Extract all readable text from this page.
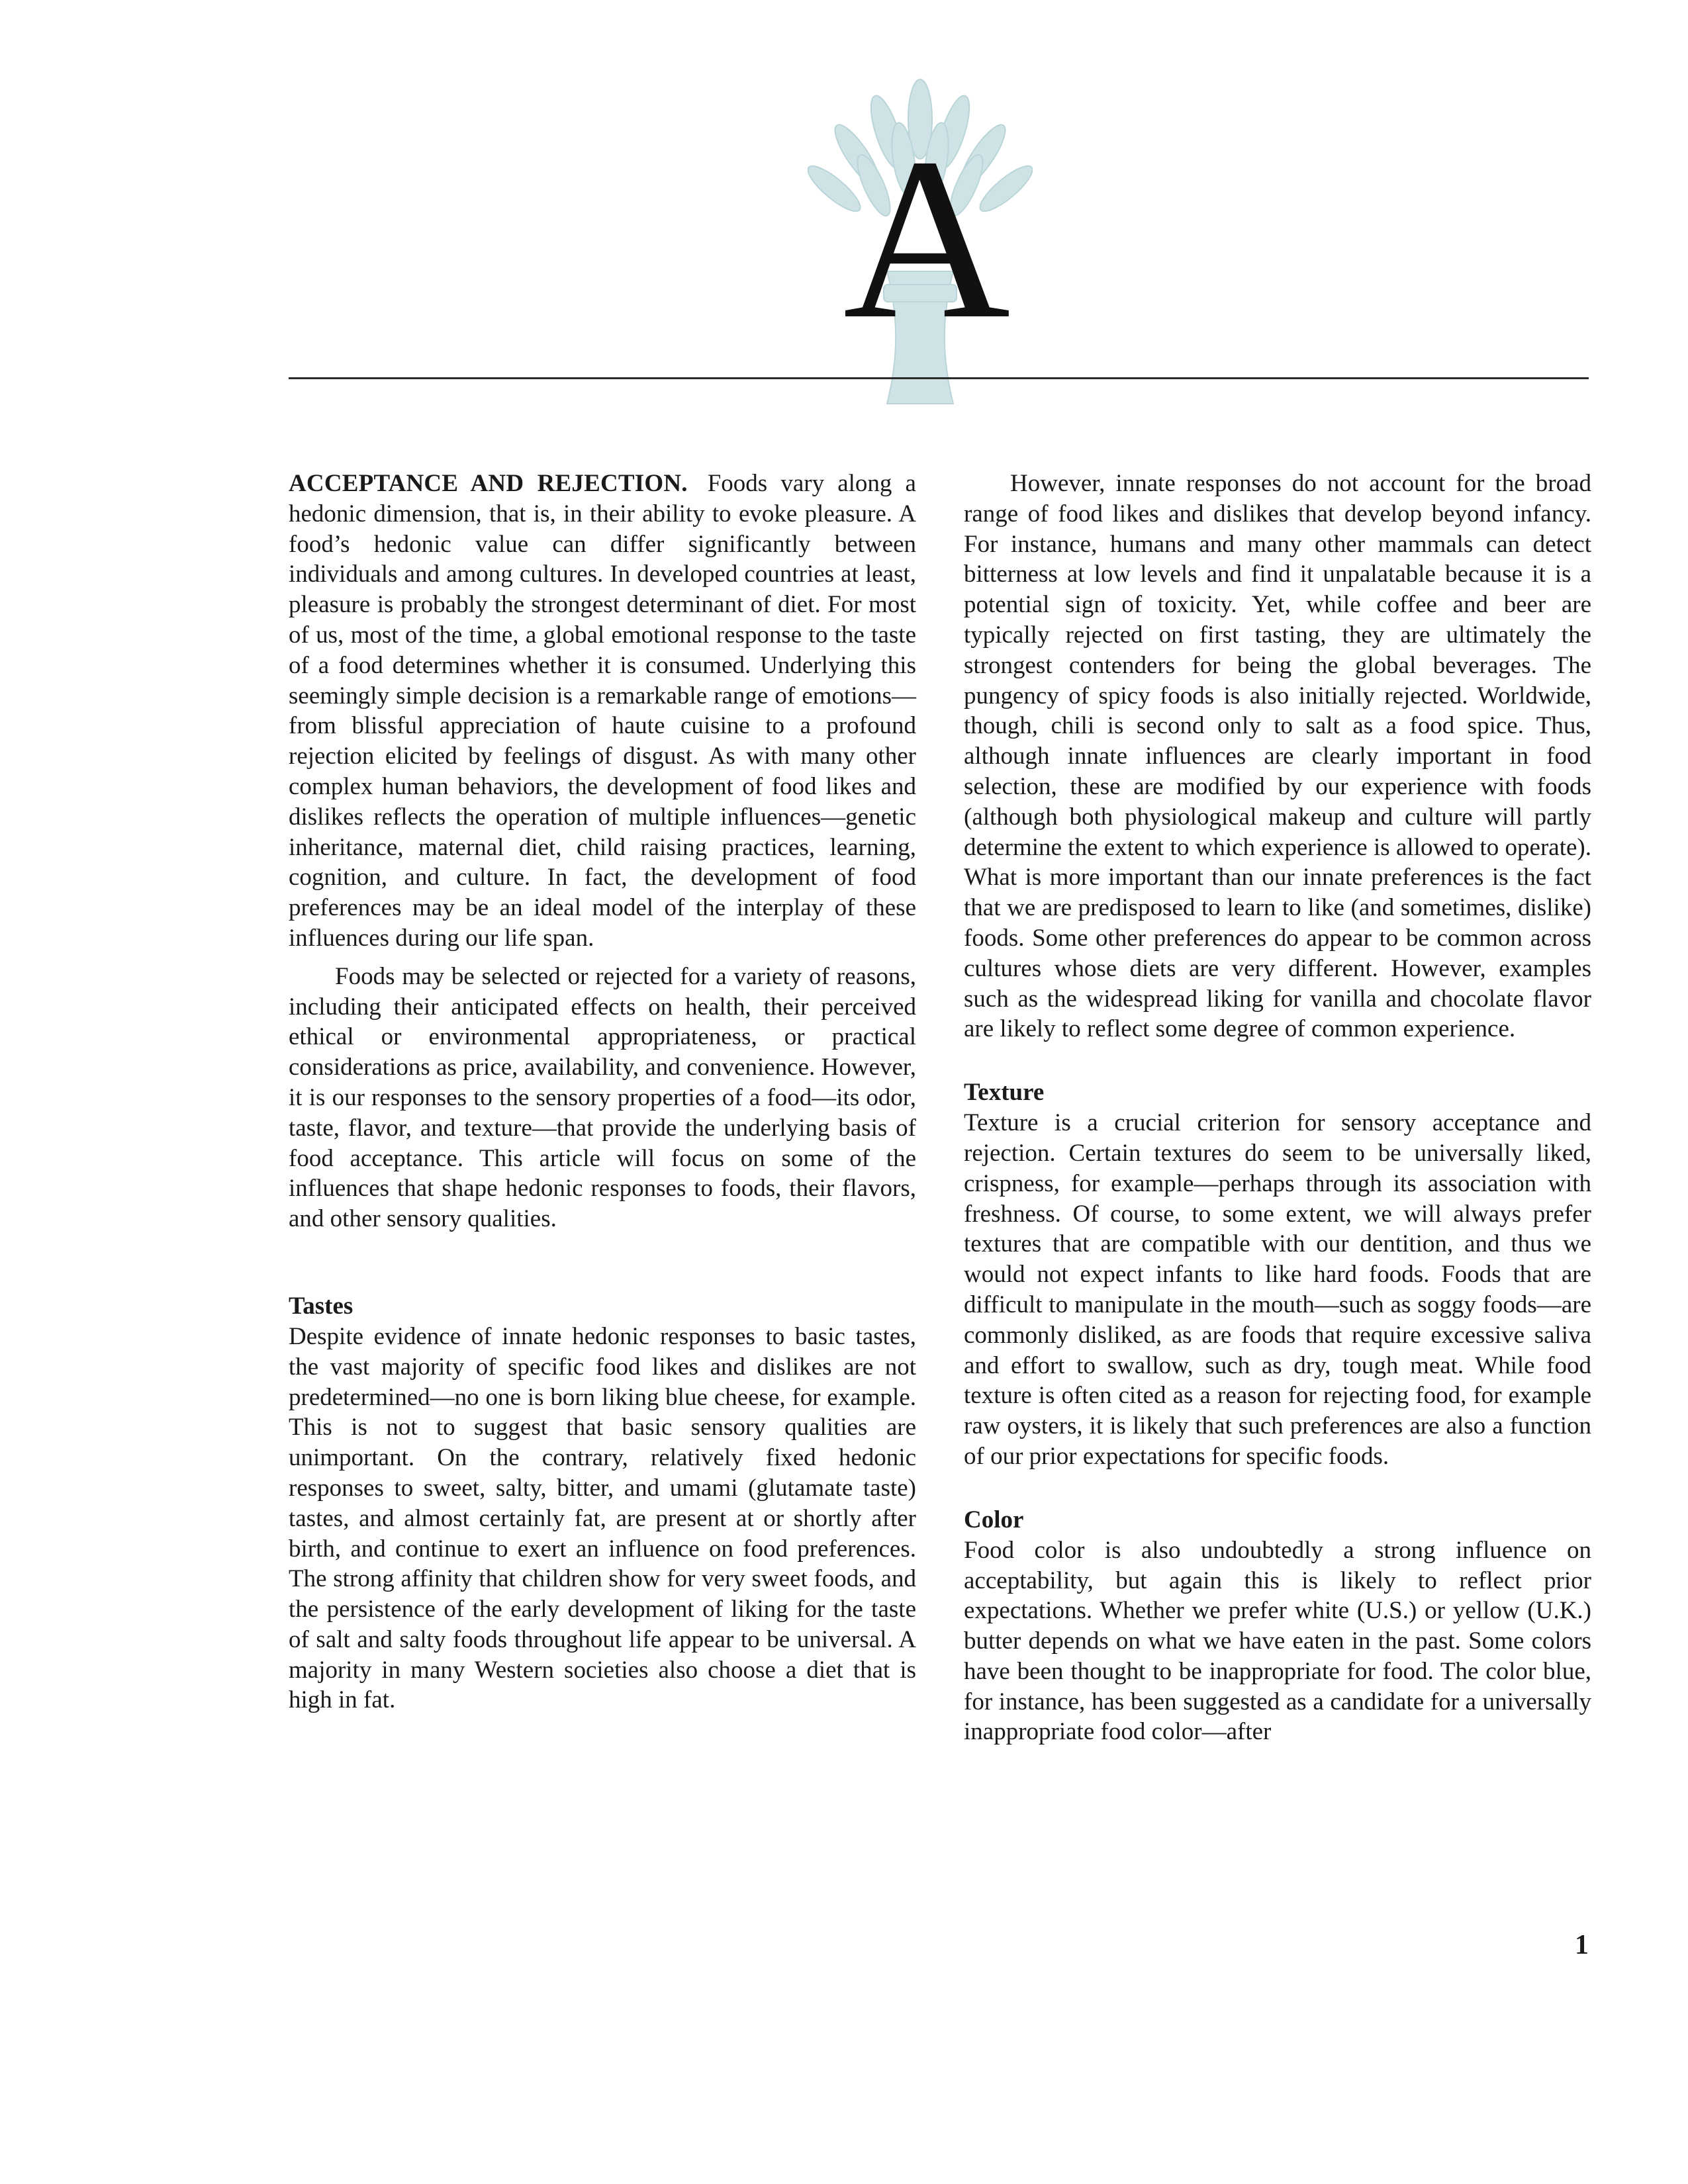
A

ACCEPTANCE AND REJECTION. Foods vary along a hedonic dimension, that is, in their ability to evoke pleasure. A food’s hedonic value can differ significantly between individuals and among cultures. In developed countries at least, pleasure is probably the strongest determinant of diet. For most of us, most of the time, a global emotional response to the taste of a food determines whether it is consumed. Underlying this seemingly simple decision is a remarkable range of emotions—from blissful appreciation of haute cuisine to a profound rejection elicited by feelings of disgust. As with many other complex human behaviors, the development of food likes and dislikes reflects the operation of multiple influences—genetic inheritance, maternal diet, child raising practices, learning, cognition, and culture. In fact, the development of food preferences may be an ideal model of the interplay of these influences during our life span.

Foods may be selected or rejected for a variety of reasons, including their anticipated effects on health, their perceived ethical or environmental appropriateness, or practical considerations as price, availability, and convenience. However, it is our responses to the sensory properties of a food—its odor, taste, flavor, and texture—that provide the underlying basis of food acceptance. This article will focus on some of the influences that shape hedonic responses to foods, their flavors, and other sensory qualities.

Tastes

Despite evidence of innate hedonic responses to basic tastes, the vast majority of specific food likes and dislikes are not predetermined—no one is born liking blue cheese, for example. This is not to suggest that basic sensory qualities are unimportant. On the contrary, relatively fixed hedonic responses to sweet, salty, bitter, and umami (glutamate taste) tastes, and almost certainly fat, are present at or shortly after birth, and continue to exert an influence on food preferences. The strong affinity that children show for very sweet foods, and the persistence of the early development of liking for the taste of salt and salty foods throughout life appear to be universal. A majority in many Western societies also choose a diet that is high in fat.

However, innate responses do not account for the broad range of food likes and dislikes that develop beyond infancy. For instance, humans and many other mammals can detect bitterness at low levels and find it unpalatable because it is a potential sign of toxicity. Yet, while coffee and beer are typically rejected on first tasting, they are ultimately the strongest contenders for being the global beverages. The pungency of spicy foods is also initially rejected. Worldwide, though, chili is second only to salt as a food spice. Thus, although innate influences are clearly important in food selection, these are modified by our experience with foods (although both physiological makeup and culture will partly determine the extent to which experience is allowed to operate). What is more important than our innate preferences is the fact that we are predisposed to learn to like (and sometimes, dislike) foods. Some other preferences do appear to be common across cultures whose diets are very different. However, examples such as the widespread liking for vanilla and chocolate flavor are likely to reflect some degree of common experience.

Texture

Texture is a crucial criterion for sensory acceptance and rejection. Certain textures do seem to be universally liked, crispness, for example—perhaps through its association with freshness. Of course, to some extent, we will always prefer textures that are compatible with our dentition, and thus we would not expect infants to like hard foods. Foods that are difficult to manipulate in the mouth—such as soggy foods—are commonly disliked, as are foods that require excessive saliva and effort to swallow, such as dry, tough meat. While food texture is often cited as a reason for rejecting food, for example raw oysters, it is likely that such preferences are also a function of our prior expectations for specific foods.

Color

Food color is also undoubtedly a strong influence on acceptability, but again this is likely to reflect prior expectations. Whether we prefer white (U.S.) or yellow (U.K.) butter depends on what we have eaten in the past. Some colors have been thought to be inappropriate for food. The color blue, for instance, has been suggested as a candidate for a universally inappropriate food color—after

1
